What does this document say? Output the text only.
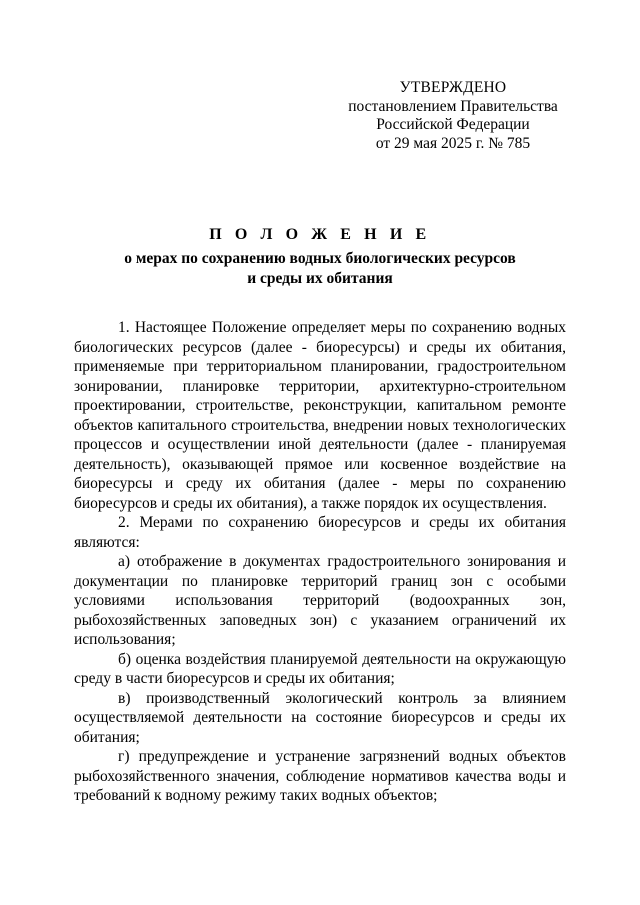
УТВЕРЖДЕНО
постановлением Правительства
Российской Федерации
от 29 мая 2025 г. № 785
П О Л О Ж Е Н И Е
о мерах по сохранению водных биологических ресурсов
и среды их обитания

1. Настоящее Положение определяет меры по сохранению водных биологических ресурсов (далее - биоресурсы) и среды их обитания, применяемые при территориальном планировании, градостроительном зонировании, планировке территории, архитектурно-строительном проектировании, строительстве, реконструкции, капитальном ремонте объектов капитального строительства, внедрении новых технологических процессов и осуществлении иной деятельности (далее - планируемая деятельность), оказывающей прямое или косвенное воздействие на биоресурсы и среду их обитания (далее - меры по сохранению биоресурсов и среды их обитания), а также порядок их осуществления.

2. Мерами по сохранению биоресурсов и среды их обитания являются:

а) отображение в документах градостроительного зонирования и документации по планировке территорий границ зон с особыми условиями использования территорий (водоохранных зон, рыбохозяйственных заповедных зон) с указанием ограничений их использования;

б) оценка воздействия планируемой деятельности на окружающую среду в части биоресурсов и среды их обитания;

в) производственный экологический контроль за влиянием осуществляемой деятельности на состояние биоресурсов и среды их обитания;

г) предупреждение и устранение загрязнений водных объектов рыбохозяйственного значения, соблюдение нормативов качества воды и требований к водному режиму таких водных объектов;
